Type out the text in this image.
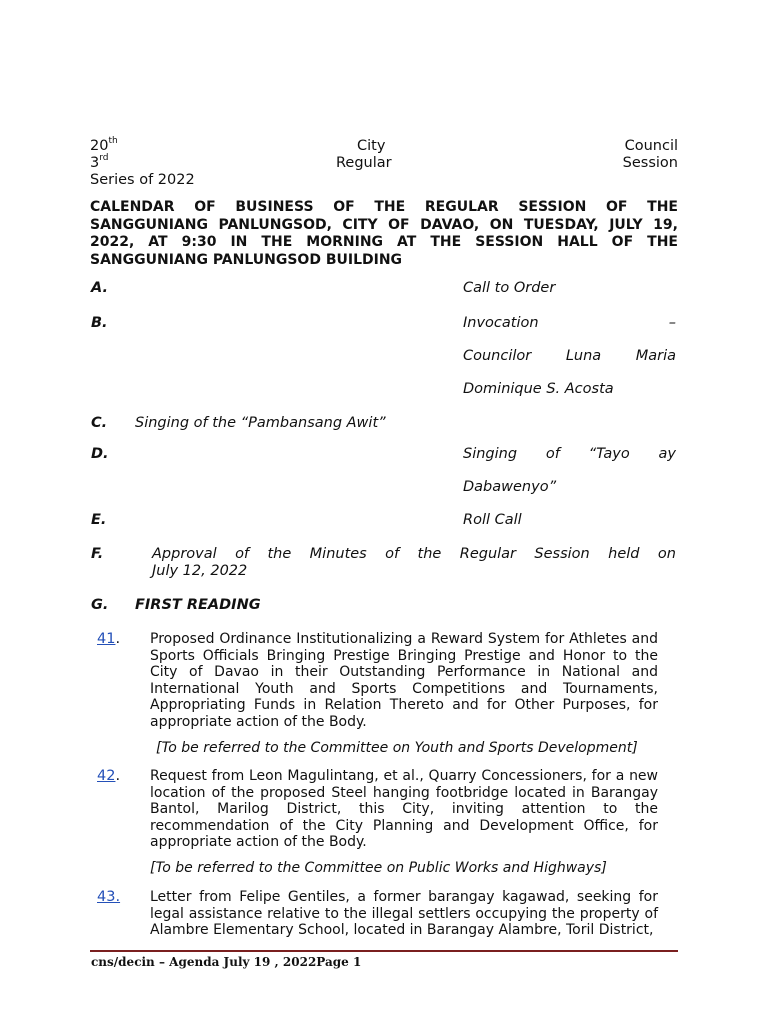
20th	City	Council
3rd	Regular	Session
Series of 2022
CALENDAR OF BUSINESS OF THE REGULAR SESSION OF THE SANGGUNIANG PANLUNGSOD, CITY OF DAVAO, ON TUESDAY, JULY 19, 2022, AT 9:30 IN THE MORNING AT THE SESSION HALL OF THE SANGGUNIANG PANLUNGSOD BUILDING
A.	Call to Order
B.	Invocation	–
Councilor Luna Maria
Dominique S. Acosta
C. Singing of the “Pambansang Awit”
D.	Singing of “Tayo ay
Dabawenyo”
E.	Roll Call
F.	Approval of the Minutes of the Regular Session held on
July 12, 2022
G. FIRST READING
41. Proposed Ordinance Institutionalizing a Reward System for Athletes and Sports Officials Bringing Prestige Bringing Prestige and Honor to the City of Davao in their Outstanding Performance in National and International Youth and Sports Competitions and Tournaments, Appropriating Funds in Relation Thereto and for Other Purposes, for appropriate action of the Body.
[To be referred to the Committee on Youth and Sports Development]
42. Request from Leon Magulintang, et al., Quarry Concessioners, for a new location of the proposed Steel hanging footbridge located in Barangay Bantol, Marilog District, this City, inviting attention to the recommendation of the City Planning and Development Office, for appropriate action of the Body.
[To be referred to the Committee on Public Works and Highways]
43. Letter from Felipe Gentiles, a former barangay kagawad, seeking for legal assistance relative to the illegal settlers occupying the property of Alambre Elementary School, located in Barangay Alambre, Toril District,
cns/decin – Agenda July 19 , 2022Page 1
